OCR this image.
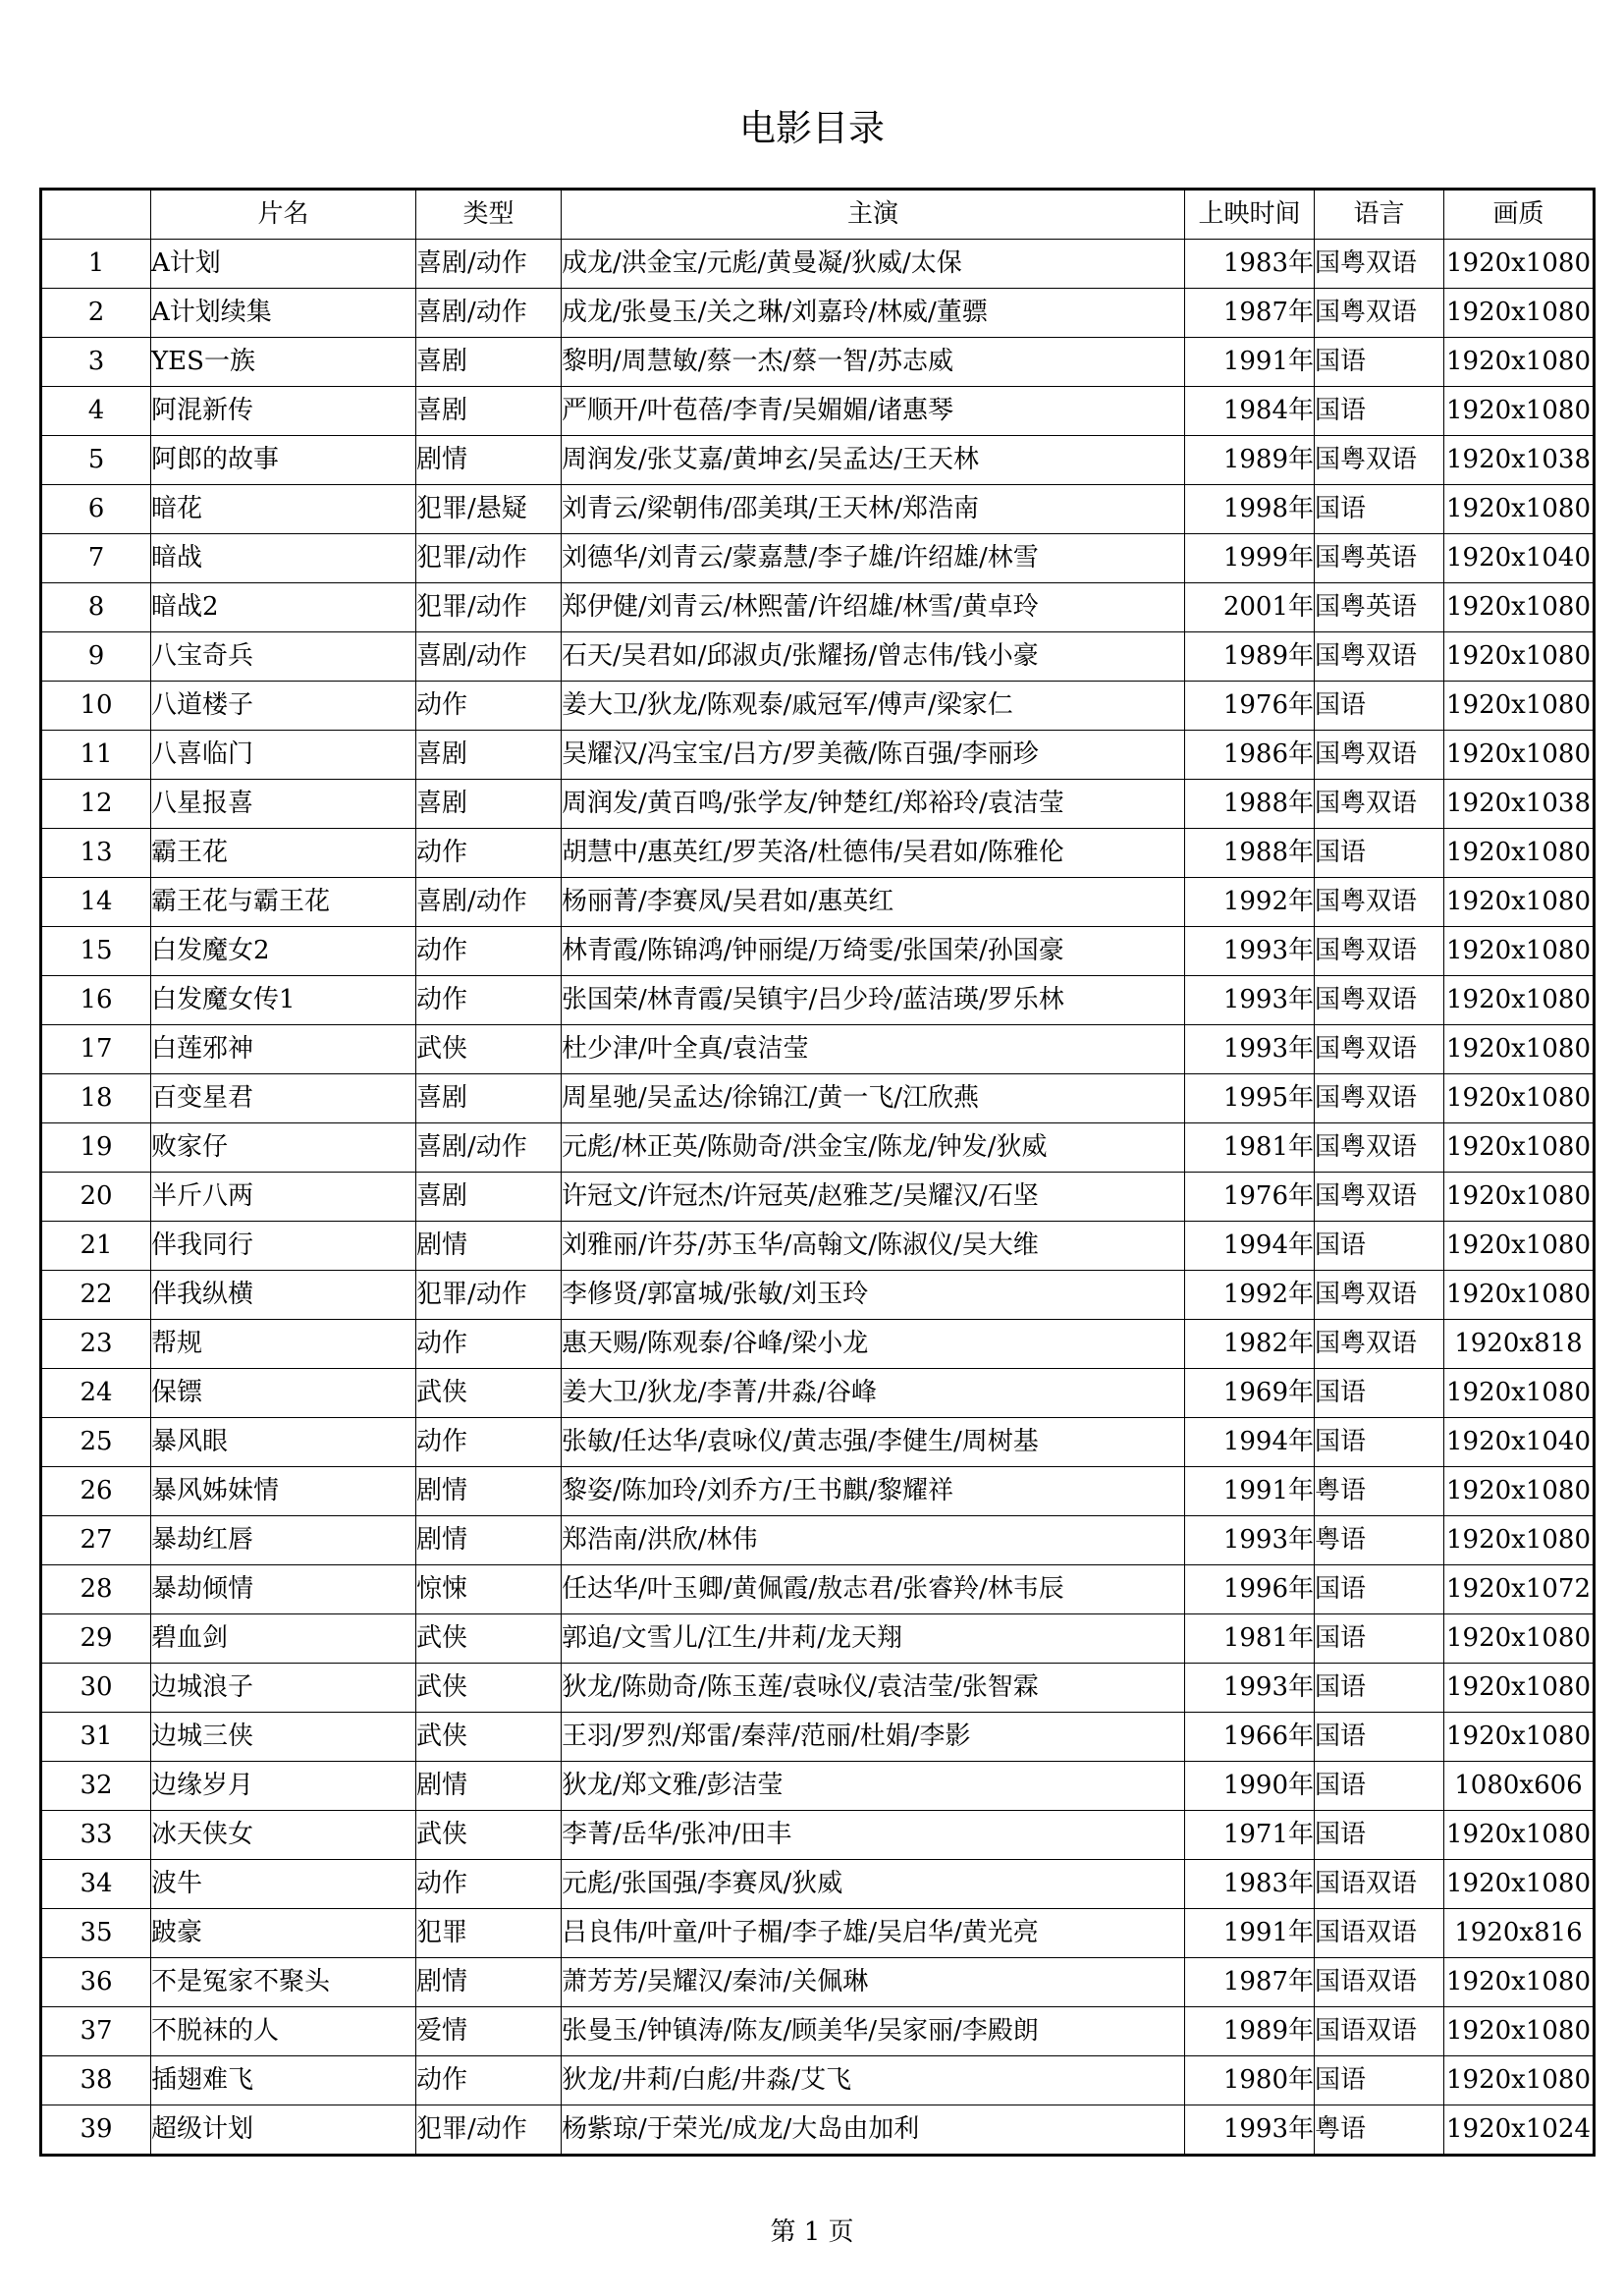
电影目录
	片名	类型	主演	上映时间	语言	画质
1	A计划	喜剧/动作	成龙/洪金宝/元彪/黄曼凝/狄威/太保	1983年	国粤双语	1920x1080
2	A计划续集	喜剧/动作	成龙/张曼玉/关之琳/刘嘉玲/林威/董骠	1987年	国粤双语	1920x1080
3	YES一族	喜剧	黎明/周慧敏/蔡一杰/蔡一智/苏志威	1991年	国语	1920x1080
4	阿混新传	喜剧	严顺开/叶苞蓓/李青/吴媚媚/诸惠琴	1984年	国语	1920x1080
5	阿郎的故事	剧情	周润发/张艾嘉/黄坤玄/吴孟达/王天林	1989年	国粤双语	1920x1038
6	暗花	犯罪/悬疑	刘青云/梁朝伟/邵美琪/王天林/郑浩南	1998年	国语	1920x1080
7	暗战	犯罪/动作	刘德华/刘青云/蒙嘉慧/李子雄/许绍雄/林雪	1999年	国粤英语	1920x1040
8	暗战2	犯罪/动作	郑伊健/刘青云/林熙蕾/许绍雄/林雪/黄卓玲	2001年	国粤英语	1920x1080
9	八宝奇兵	喜剧/动作	石天/吴君如/邱淑贞/张耀扬/曾志伟/钱小豪	1989年	国粤双语	1920x1080
10	八道楼子	动作	姜大卫/狄龙/陈观泰/戚冠军/傅声/梁家仁	1976年	国语	1920x1080
11	八喜临门	喜剧	吴耀汉/冯宝宝/吕方/罗美薇/陈百强/李丽珍	1986年	国粤双语	1920x1080
12	八星报喜	喜剧	周润发/黄百鸣/张学友/钟楚红/郑裕玲/袁洁莹	1988年	国粤双语	1920x1038
13	霸王花	动作	胡慧中/惠英红/罗芙洛/杜德伟/吴君如/陈雅伦	1988年	国语	1920x1080
14	霸王花与霸王花	喜剧/动作	杨丽菁/李赛凤/吴君如/惠英红	1992年	国粤双语	1920x1080
15	白发魔女2	动作	林青霞/陈锦鸿/钟丽缇/万绮雯/张国荣/孙国豪	1993年	国粤双语	1920x1080
16	白发魔女传1	动作	张国荣/林青霞/吴镇宇/吕少玲/蓝洁瑛/罗乐林	1993年	国粤双语	1920x1080
17	白莲邪神	武侠	杜少津/叶全真/袁洁莹	1993年	国粤双语	1920x1080
18	百变星君	喜剧	周星驰/吴孟达/徐锦江/黄一飞/江欣燕	1995年	国粤双语	1920x1080
19	败家仔	喜剧/动作	元彪/林正英/陈勋奇/洪金宝/陈龙/钟发/狄威	1981年	国粤双语	1920x1080
20	半斤八两	喜剧	许冠文/许冠杰/许冠英/赵雅芝/吴耀汉/石坚	1976年	国粤双语	1920x1080
21	伴我同行	剧情	刘雅丽/许芬/苏玉华/高翰文/陈淑仪/吴大维	1994年	国语	1920x1080
22	伴我纵横	犯罪/动作	李修贤/郭富城/张敏/刘玉玲	1992年	国粤双语	1920x1080
23	帮规	动作	惠天赐/陈观泰/谷峰/梁小龙	1982年	国粤双语	1920x818
24	保镖	武侠	姜大卫/狄龙/李菁/井淼/谷峰	1969年	国语	1920x1080
25	暴风眼	动作	张敏/任达华/袁咏仪/黄志强/李健生/周树基	1994年	国语	1920x1040
26	暴风姊妹情	剧情	黎姿/陈加玲/刘乔方/王书麒/黎耀祥	1991年	粤语	1920x1080
27	暴劫红唇	剧情	郑浩南/洪欣/林伟	1993年	粤语	1920x1080
28	暴劫倾情	惊悚	任达华/叶玉卿/黄佩霞/敖志君/张睿羚/林韦辰	1996年	国语	1920x1072
29	碧血剑	武侠	郭追/文雪儿/江生/井莉/龙天翔	1981年	国语	1920x1080
30	边城浪子	武侠	狄龙/陈勋奇/陈玉莲/袁咏仪/袁洁莹/张智霖	1993年	国语	1920x1080
31	边城三侠	武侠	王羽/罗烈/郑雷/秦萍/范丽/杜娟/李影	1966年	国语	1920x1080
32	边缘岁月	剧情	狄龙/郑文雅/彭洁莹	1990年	国语	1080x606
33	冰天侠女	武侠	李菁/岳华/张冲/田丰	1971年	国语	1920x1080
34	波牛	动作	元彪/张国强/李赛凤/狄威	1983年	国语双语	1920x1080
35	跛豪	犯罪	吕良伟/叶童/叶子楣/李子雄/吴启华/黄光亮	1991年	国语双语	1920x816
36	不是冤家不聚头	剧情	萧芳芳/吴耀汉/秦沛/关佩琳	1987年	国语双语	1920x1080
37	不脱袜的人	爱情	张曼玉/钟镇涛/陈友/顾美华/吴家丽/李殿朗	1989年	国语双语	1920x1080
38	插翅难飞	动作	狄龙/井莉/白彪/井淼/艾飞	1980年	国语	1920x1080
39	超级计划	犯罪/动作	杨紫琼/于荣光/成龙/大岛由加利	1993年	粤语	1920x1024
第 1 页
